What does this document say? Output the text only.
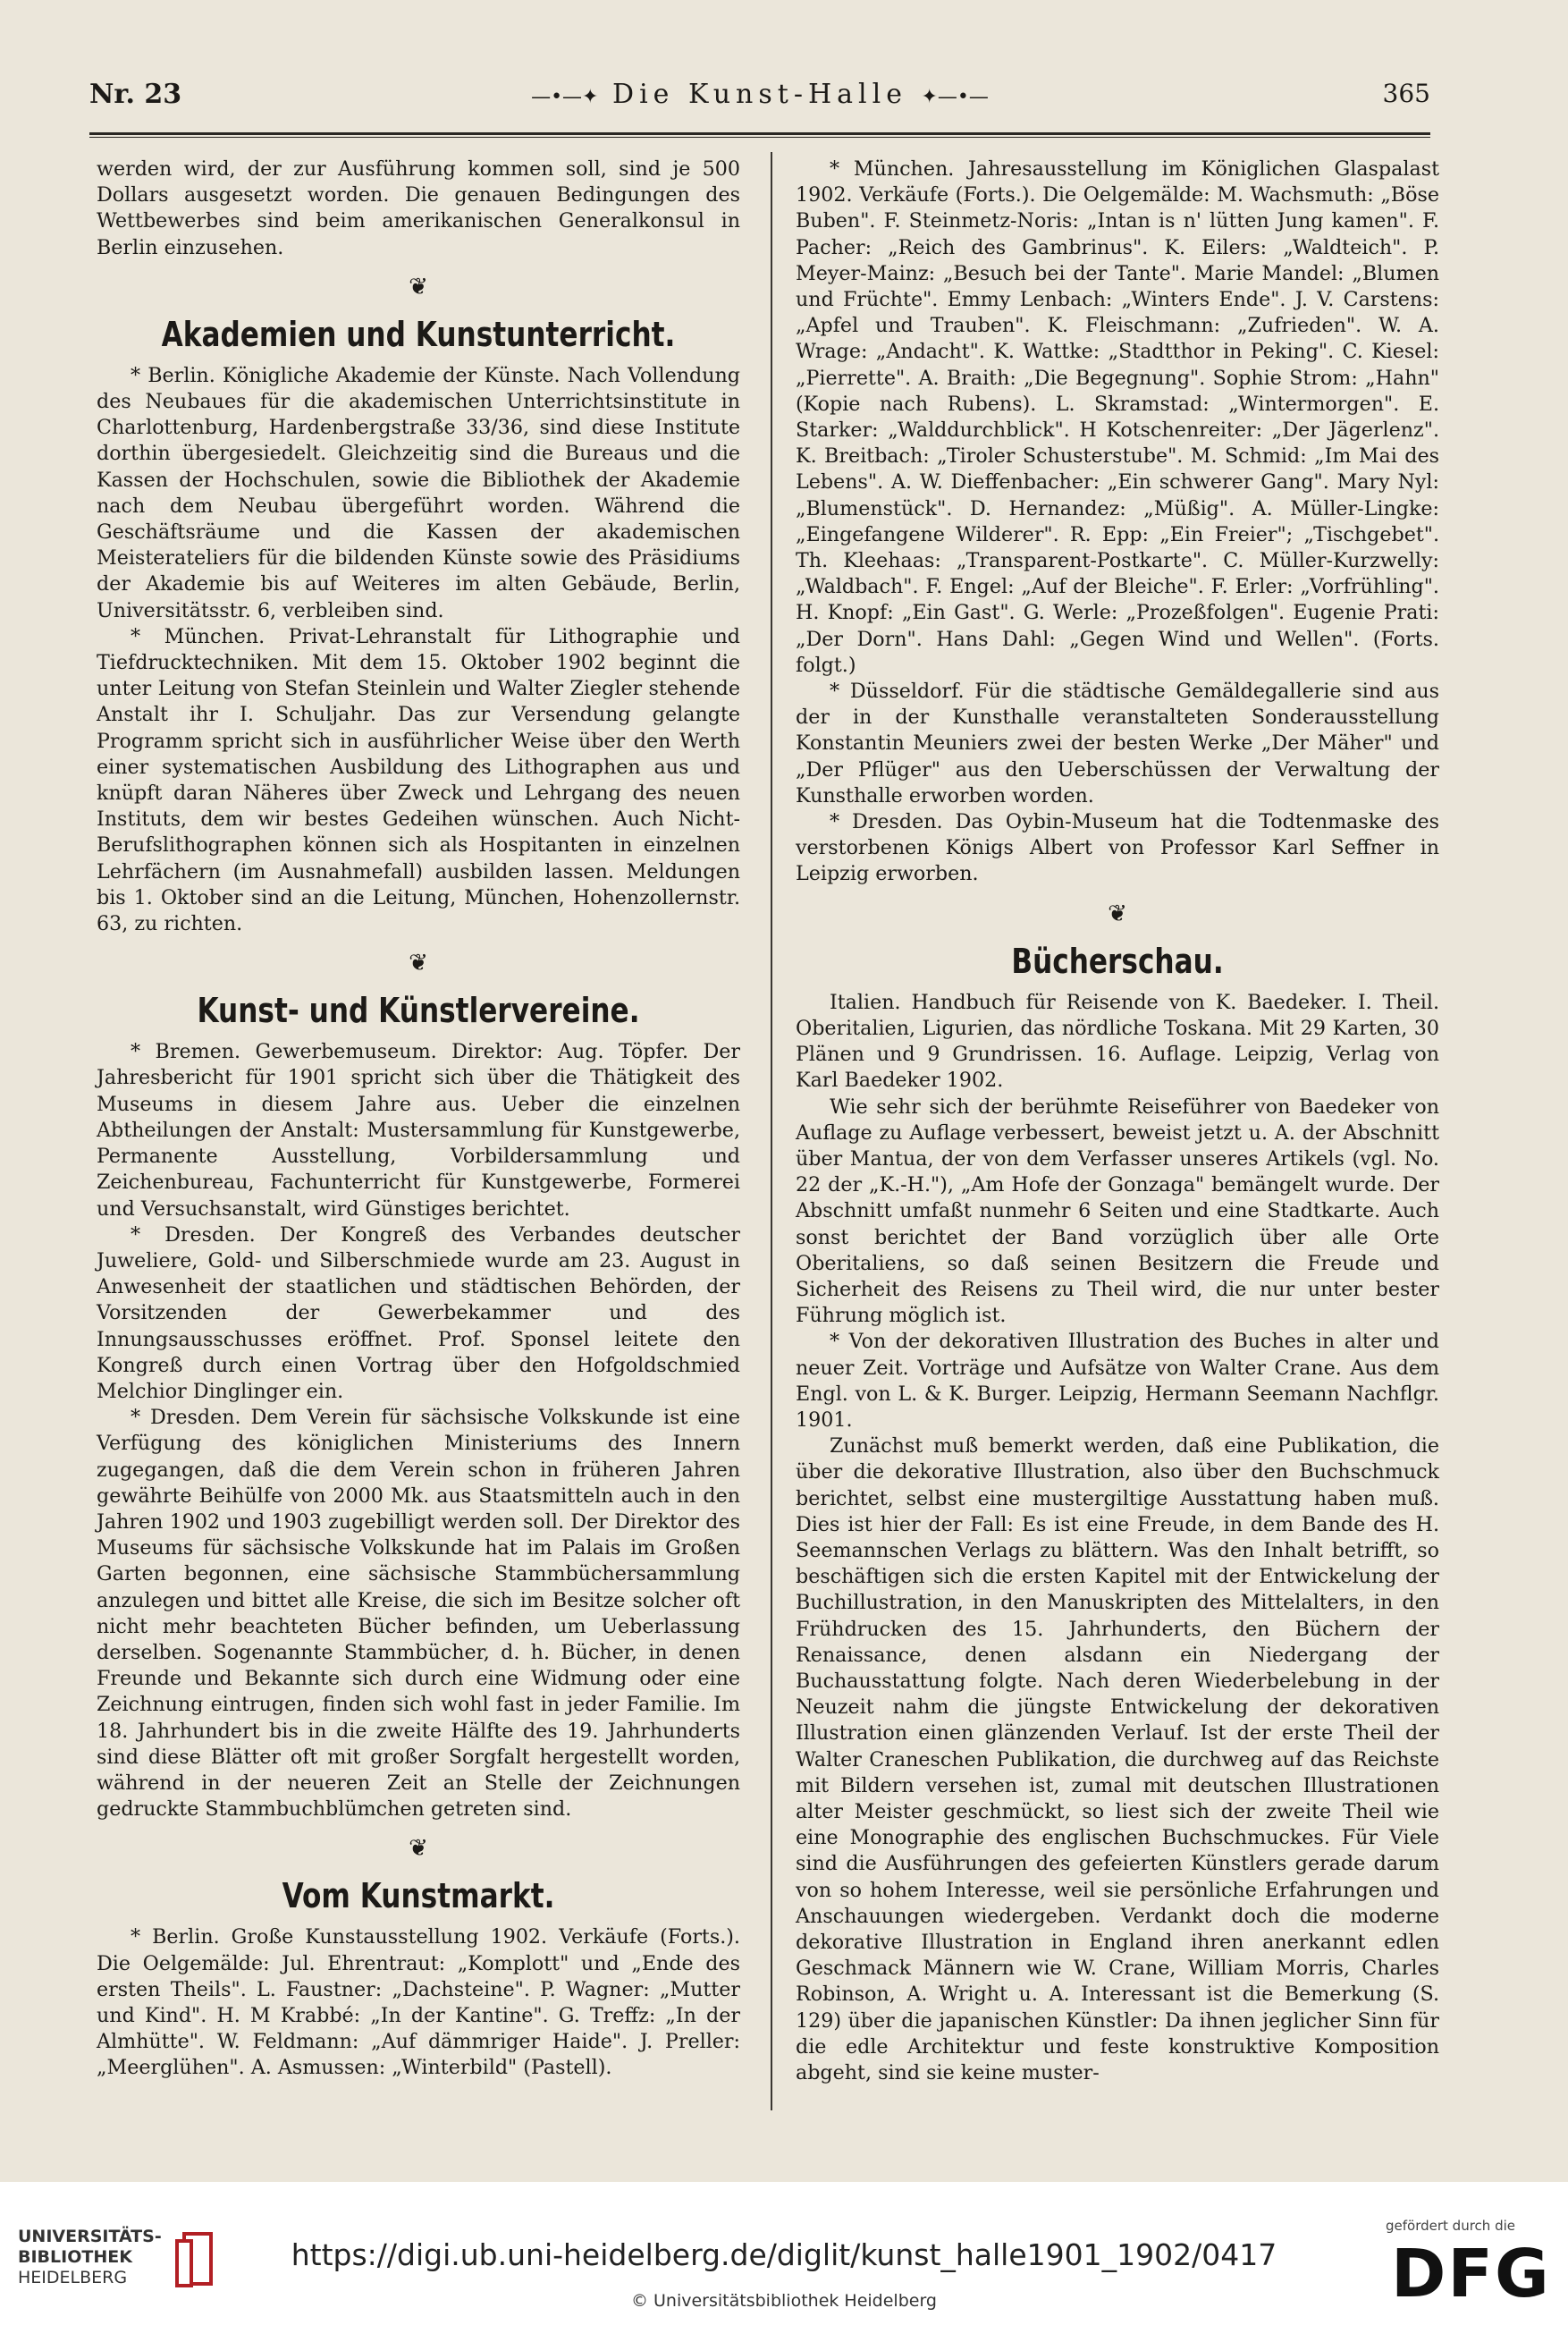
Nr. 23	—•—✦ Die Kunst-Halle ✦—•—	365

werden wird, der zur Ausführung kommen soll, sind je 500 Dollars ausgesetzt worden. Die genauen Bedingungen des Wettbewerbes sind beim amerikanischen Generalkonsul in Berlin einzusehen.

❦
Akademien und Kunstunterricht.

* Berlin. Königliche Akademie der Künste. Nach Vollendung des Neubaues für die akademischen Unterrichtsinstitute in Charlottenburg, Hardenbergstraße 33/36, sind diese Institute dorthin übergesiedelt. Gleichzeitig sind die Bureaus und die Kassen der Hochschulen, sowie die Bibliothek der Akademie nach dem Neubau übergeführt worden. Während die Geschäftsräume und die Kassen der akademischen Meisterateliers für die bildenden Künste sowie des Präsidiums der Akademie bis auf Weiteres im alten Gebäude, Berlin, Universitätsstr. 6, verbleiben sind.

* München. Privat-Lehranstalt für Lithographie und Tiefdrucktechniken. Mit dem 15. Oktober 1902 beginnt die unter Leitung von Stefan Steinlein und Walter Ziegler stehende Anstalt ihr I. Schuljahr. Das zur Versendung gelangte Programm spricht sich in ausführlicher Weise über den Werth einer systematischen Ausbildung des Lithographen aus und knüpft daran Näheres über Zweck und Lehrgang des neuen Instituts, dem wir bestes Gedeihen wünschen. Auch Nicht-Berufslithographen können sich als Hospitanten in einzelnen Lehrfächern (im Ausnahmefall) ausbilden lassen. Meldungen bis 1. Oktober sind an die Leitung, München, Hohenzollernstr. 63, zu richten.

❦
Kunst- und Künstlervereine.

* Bremen. Gewerbemuseum. Direktor: Aug. Töpfer. Der Jahresbericht für 1901 spricht sich über die Thätigkeit des Museums in diesem Jahre aus. Ueber die einzelnen Abtheilungen der Anstalt: Mustersammlung für Kunstgewerbe, Permanente Ausstellung, Vorbildersammlung und Zeichenbureau, Fachunterricht für Kunstgewerbe, Formerei und Versuchsanstalt, wird Günstiges berichtet.

* Dresden. Der Kongreß des Verbandes deutscher Juweliere, Gold- und Silberschmiede wurde am 23. August in Anwesenheit der staatlichen und städtischen Behörden, der Vorsitzenden der Gewerbekammer und des Innungsausschusses eröffnet. Prof. Sponsel leitete den Kongreß durch einen Vortrag über den Hofgoldschmied Melchior Dinglinger ein.

* Dresden. Dem Verein für sächsische Volkskunde ist eine Verfügung des königlichen Ministeriums des Innern zugegangen, daß die dem Verein schon in früheren Jahren gewährte Beihülfe von 2000 Mk. aus Staatsmitteln auch in den Jahren 1902 und 1903 zugebilligt werden soll. Der Direktor des Museums für sächsische Volkskunde hat im Palais im Großen Garten begonnen, eine sächsische Stammbüchersammlung anzulegen und bittet alle Kreise, die sich im Besitze solcher oft nicht mehr beachteten Bücher befinden, um Ueberlassung derselben. Sogenannte Stammbücher, d. h. Bücher, in denen Freunde und Bekannte sich durch eine Widmung oder eine Zeichnung eintrugen, finden sich wohl fast in jeder Familie. Im 18. Jahrhundert bis in die zweite Hälfte des 19. Jahrhunderts sind diese Blätter oft mit großer Sorgfalt hergestellt worden, während in der neueren Zeit an Stelle der Zeichnungen gedruckte Stammbuchblümchen getreten sind.

❦
Vom Kunstmarkt.

* Berlin. Große Kunstausstellung 1902. Verkäufe (Forts.). Die Oelgemälde: Jul. Ehrentraut: „Komplott" und „Ende des ersten Theils". L. Faustner: „Dachsteine". P. Wagner: „Mutter und Kind". H. M Krabbé: „In der Kantine". G. Treffz: „In der Almhütte". W. Feldmann: „Auf dämmriger Haide". J. Preller: „Meerglühen". A. Asmussen: „Winterbild" (Pastell).

* München. Jahresausstellung im Königlichen Glaspalast 1902. Verkäufe (Forts.). Die Oelgemälde: M. Wachsmuth: „Böse Buben". F. Steinmetz-Noris: „Intan is n' lütten Jung kamen". F. Pacher: „Reich des Gambrinus". K. Eilers: „Waldteich". P. Meyer-Mainz: „Besuch bei der Tante". Marie Mandel: „Blumen und Früchte". Emmy Lenbach: „Winters Ende". J. V. Carstens: „Apfel und Trauben". K. Fleischmann: „Zufrieden". W. A. Wrage: „Andacht". K. Wattke: „Stadtthor in Peking". C. Kiesel: „Pierrette". A. Braith: „Die Begegnung". Sophie Strom: „Hahn" (Kopie nach Rubens). L. Skramstad: „Wintermorgen". E. Starker: „Walddurchblick". H Kotschenreiter: „Der Jägerlenz". K. Breitbach: „Tiroler Schusterstube". M. Schmid: „Im Mai des Lebens". A. W. Dieffenbacher: „Ein schwerer Gang". Mary Nyl: „Blumenstück". D. Hernandez: „Müßig". A. Müller-Lingke: „Eingefangene Wilderer". R. Epp: „Ein Freier"; „Tischgebet". Th. Kleehaas: „Transparent-Postkarte". C. Müller-Kurzwelly: „Waldbach". F. Engel: „Auf der Bleiche". F. Erler: „Vorfrühling". H. Knopf: „Ein Gast". G. Werle: „Prozeßfolgen". Eugenie Prati: „Der Dorn". Hans Dahl: „Gegen Wind und Wellen". (Forts. folgt.)

* Düsseldorf. Für die städtische Gemäldegallerie sind aus der in der Kunsthalle veranstalteten Sonderausstellung Konstantin Meuniers zwei der besten Werke „Der Mäher" und „Der Pflüger" aus den Ueberschüssen der Verwaltung der Kunsthalle erworben worden.

* Dresden. Das Oybin-Museum hat die Todtenmaske des verstorbenen Königs Albert von Professor Karl Seffner in Leipzig erworben.

❦
Bücherschau.

Italien. Handbuch für Reisende von K. Baedeker. I. Theil. Oberitalien, Ligurien, das nördliche Toskana. Mit 29 Karten, 30 Plänen und 9 Grundrissen. 16. Auflage. Leipzig, Verlag von Karl Baedeker 1902.

Wie sehr sich der berühmte Reiseführer von Baedeker von Auflage zu Auflage verbessert, beweist jetzt u. A. der Abschnitt über Mantua, der von dem Verfasser unseres Artikels (vgl. No. 22 der „K.-H."), „Am Hofe der Gonzaga" bemängelt wurde. Der Abschnitt umfaßt nunmehr 6 Seiten und eine Stadtkarte. Auch sonst berichtet der Band vorzüglich über alle Orte Oberitaliens, so daß seinen Besitzern die Freude und Sicherheit des Reisens zu Theil wird, die nur unter bester Führung möglich ist.

* Von der dekorativen Illustration des Buches in alter und neuer Zeit. Vorträge und Aufsätze von Walter Crane. Aus dem Engl. von L. & K. Burger. Leipzig, Hermann Seemann Nachflgr. 1901.

Zunächst muß bemerkt werden, daß eine Publikation, die über die dekorative Illustration, also über den Buchschmuck berichtet, selbst eine mustergiltige Ausstattung haben muß. Dies ist hier der Fall: Es ist eine Freude, in dem Bande des H. Seemannschen Verlags zu blättern. Was den Inhalt betrifft, so beschäftigen sich die ersten Kapitel mit der Entwickelung der Buchillustration, in den Manuskripten des Mittelalters, in den Frühdrucken des 15. Jahrhunderts, den Büchern der Renaissance, denen alsdann ein Niedergang der Buchausstattung folgte. Nach deren Wiederbelebung in der Neuzeit nahm die jüngste Entwickelung der dekorativen Illustration einen glänzenden Verlauf. Ist der erste Theil der Walter Craneschen Publikation, die durchweg auf das Reichste mit Bildern versehen ist, zumal mit deutschen Illustrationen alter Meister geschmückt, so liest sich der zweite Theil wie eine Monographie des englischen Buchschmuckes. Für Viele sind die Ausführungen des gefeierten Künstlers gerade darum von so hohem Interesse, weil sie persönliche Erfahrungen und Anschauungen wiedergeben. Verdankt doch die moderne dekorative Illustration in England ihren anerkannt edlen Geschmack Männern wie W. Crane, William Morris, Charles Robinson, A. Wright u. A. Interessant ist die Bemerkung (S. 129) über die japanischen Künstler: Da ihnen jeglicher Sinn für die edle Architektur und feste konstruktive Komposition abgeht, sind sie keine muster-

UNIVERSITÄTS-
BIBLIOTHEK
HEIDELBERG
https://digi.ub.uni-heidelberg.de/diglit/kunst_halle1901_1902/0417
© Universitätsbibliothek Heidelberg
gefördert durch die
DFG
